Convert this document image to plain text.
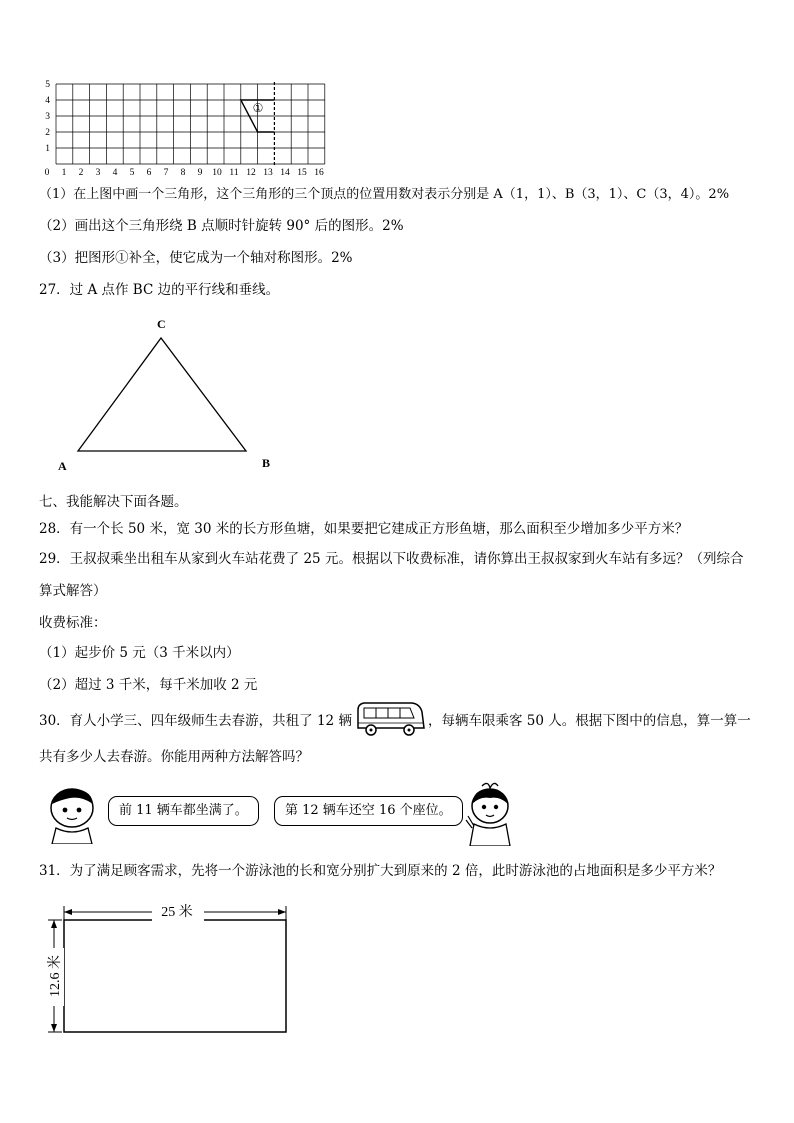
①
1
2
3
4
5
0 1 2 3 4 5 6 7 8 9 10 11 12 13 14 15 16
（1）在上图中画一个三角形，这个三角形的三个顶点的位置用数对表示分别是 A（1，1）、B（3，1）、C（3，4）。2%
（2）画出这个三角形绕 B 点顺时针旋转 90° 后的图形。2%
（3）把图形①补全，使它成为一个轴对称图形。2%
27．过 A 点作 BC 边的平行线和垂线。
C
A	B
七、我能解决下面各题。
28．有一个长 50 米，宽 30 米的长方形鱼塘，如果要把它建成正方形鱼塘，那么面积至少增加多少平方米？
29．王叔叔乘坐出租车从家到火车站花费了 25 元。根据以下收费标准，请你算出王叔叔家到火车站有多远？（列综合
算式解答）
收费标准：
（1）起步价 5 元（3 千米以内）
（2）超过 3 千米，每千米加收 2 元
30．育人小学三、四年级师生去春游，共租了 12 辆	，每辆车限乘客 50 人。根据下图中的信息，算一算一
共有多少人去春游。你能用两种方法解答吗？
前 11 辆车都坐满了。	第 12 辆车还空 16 个座位。
31．为了满足顾客需求，先将一个游泳池的长和宽分别扩大到原来的 2 倍，此时游泳池的占地面积是多少平方米？
25 米
12.6 米
